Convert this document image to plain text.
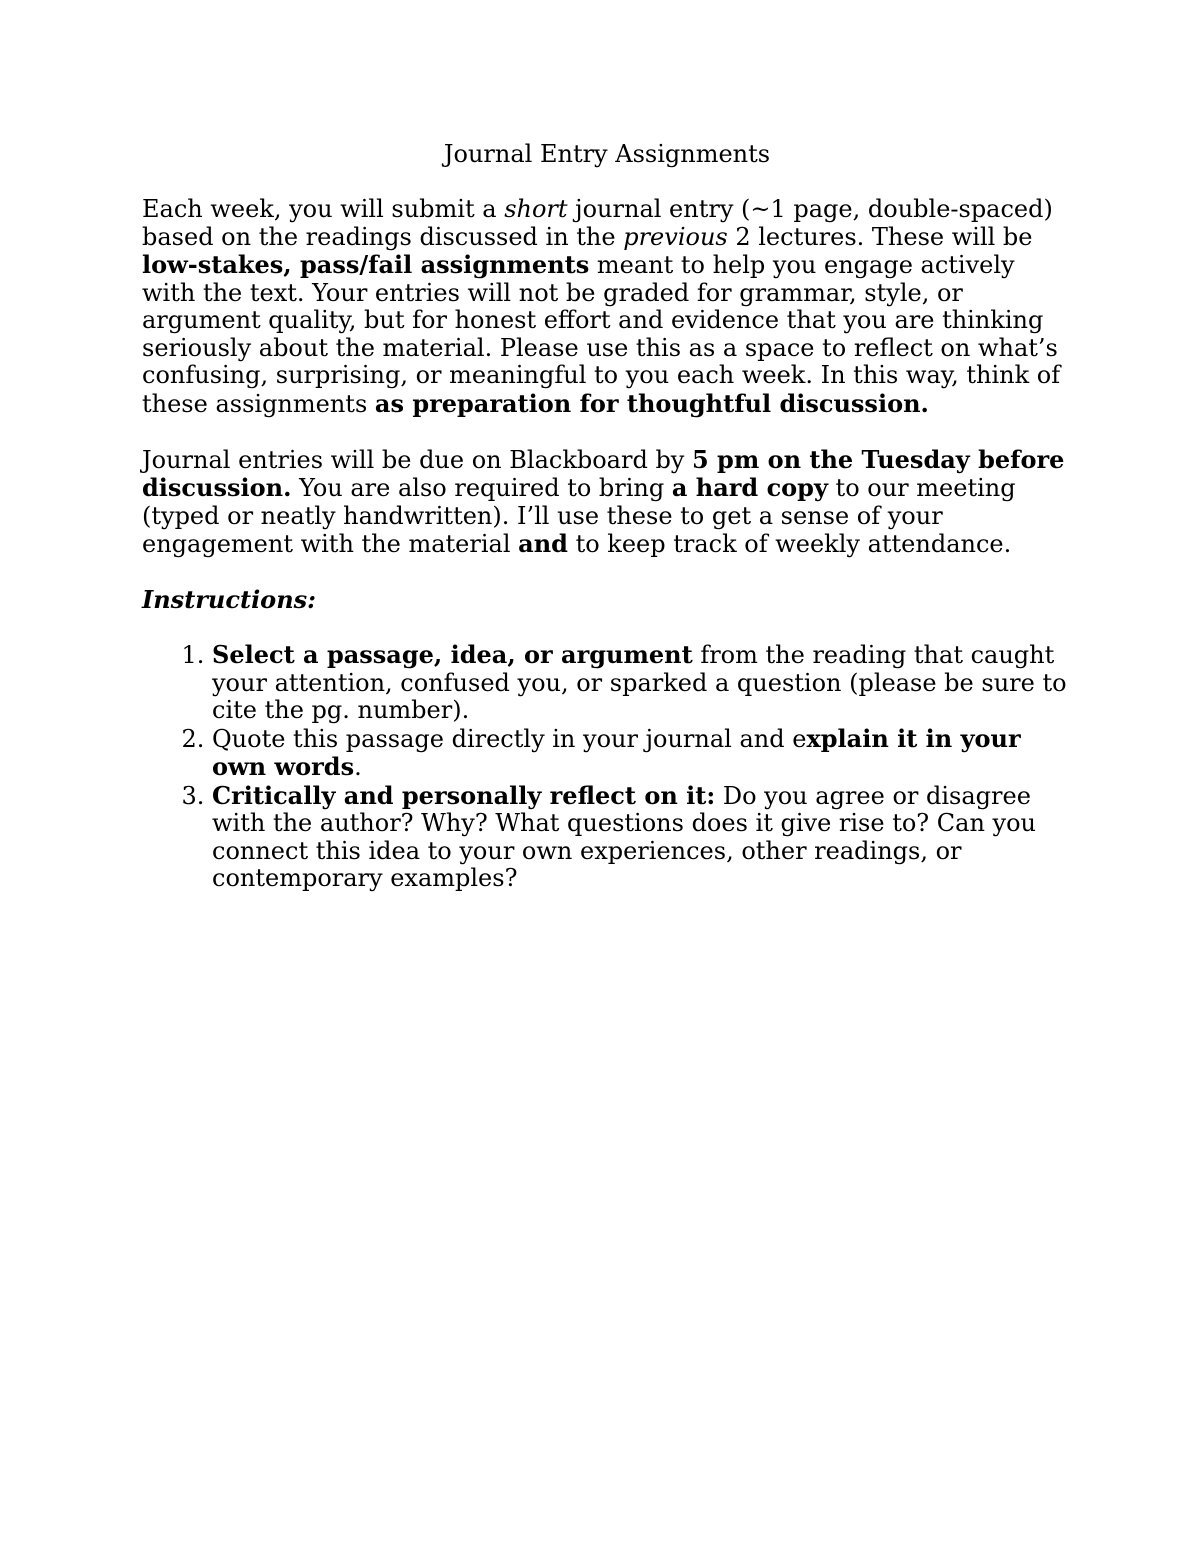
Journal Entry Assignments

Each week, you will submit a short journal entry (~1 page, double-spaced) based on the readings discussed in the previous 2 lectures. These will be low-stakes, pass/fail assignments meant to help you engage actively with the text. Your entries will not be graded for grammar, style, or argument quality, but for honest effort and evidence that you are thinking seriously about the material. Please use this as a space to reflect on what’s confusing, surprising, or meaningful to you each week. In this way, think of these assignments as preparation for thoughtful discussion.

Journal entries will be due on Blackboard by 5 pm on the Tuesday before discussion. You are also required to bring a hard copy to our meeting (typed or neatly handwritten). I’ll use these to get a sense of your engagement with the material and to keep track of weekly attendance.

Instructions:
1. Select a passage, idea, or argument from the reading that caught your attention, confused you, or sparked a question (please be sure to cite the pg. number).
2. Quote this passage directly in your journal and explain it in your own words.
3. Critically and personally reflect on it: Do you agree or disagree with the author? Why? What questions does it give rise to? Can you connect this idea to your own experiences, other readings, or contemporary examples?
